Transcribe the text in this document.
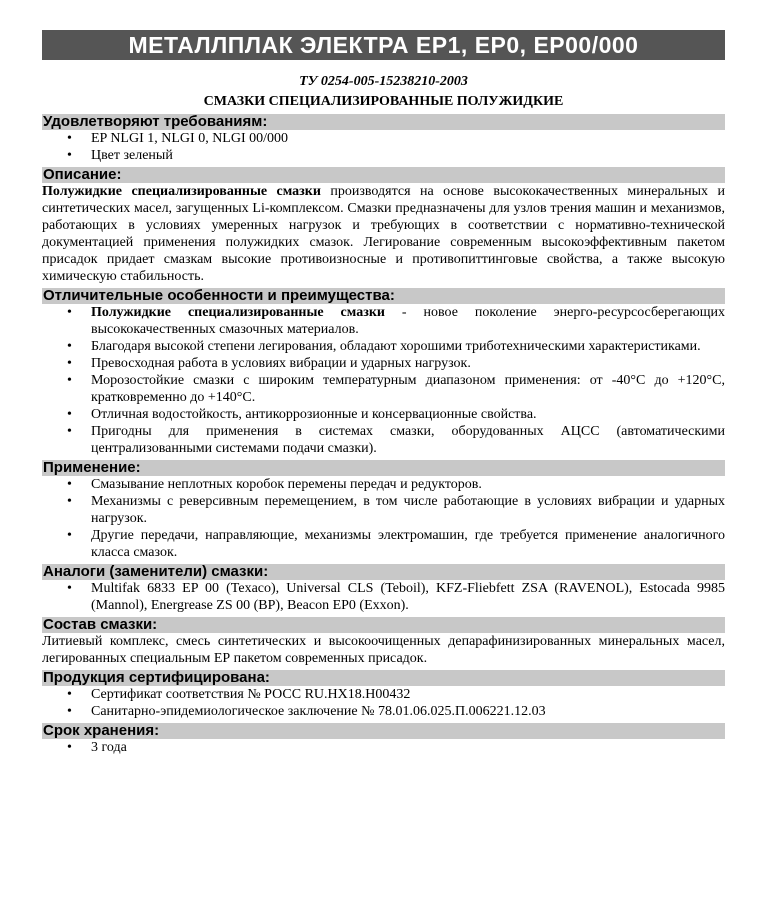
МЕТАЛЛПЛАК ЭЛЕКТРА EP1, EP0, EP00/000
ТУ 0254-005-15238210-2003
СМАЗКИ СПЕЦИАЛИЗИРОВАННЫЕ ПОЛУЖИДКИЕ
Удовлетворяют требованиям:
• EP NLGI 1, NLGI 0, NLGI 00/000
• Цвет зеленый
Описание:
Полужидкие специализированные смазки производятся на основе высококачественных минеральных и синтетических масел, загущенных Li-комплексом. Смазки предназначены для узлов трения машин и механизмов, работающих в условиях умеренных нагрузок и требующих в соответствии с нормативно-технической документацией применения полужидких смазок. Легирование современным высокоэффективным пакетом присадок придает смазкам высокие противоизносные и противопиттинговые свойства, а также высокую химическую стабильность.
Отличительные особенности и преимущества:
• Полужидкие специализированные смазки - новое поколение энерго-ресурсосберегающих высококачественных смазочных материалов.
• Благодаря высокой степени легирования, обладают хорошими триботехническими характеристиками.
• Превосходная работа в условиях вибрации и ударных нагрузок.
• Морозостойкие смазки с широким температурным диапазоном применения: от -40°С до +120°С, кратковременно до +140°С.
• Отличная водостойкость, антикоррозионные и консервационные свойства.
• Пригодны для применения в системах смазки, оборудованных АЦСС (автоматическими централизованными системами подачи смазки).
Применение:
• Смазывание неплотных коробок перемены передач и редукторов.
• Механизмы с реверсивным перемещением, в том числе работающие в условиях вибрации и ударных нагрузок.
• Другие передачи, направляющие, механизмы электромашин, где требуется применение аналогичного класса смазок.
Аналоги (заменители) смазки:
• Multifak 6833 EP 00 (Texaco), Universal CLS (Teboil), KFZ-Fliebfett ZSA (RAVENOL), Estocada 9985 (Mannol), Energrease ZS 00 (BP), Beacon EP0 (Exxon).
Состав смазки:
Литиевый комплекс, смесь синтетических и высокоочищенных депарафинизированных минеральных масел, легированных специальным ЕР пакетом современных присадок.
Продукция сертифицирована:
• Сертификат соответствия № РОСС RU.HX18.H00432
• Санитарно-эпидемиологическое заключение № 78.01.06.025.П.006221.12.03
Срок хранения:
• 3 года
